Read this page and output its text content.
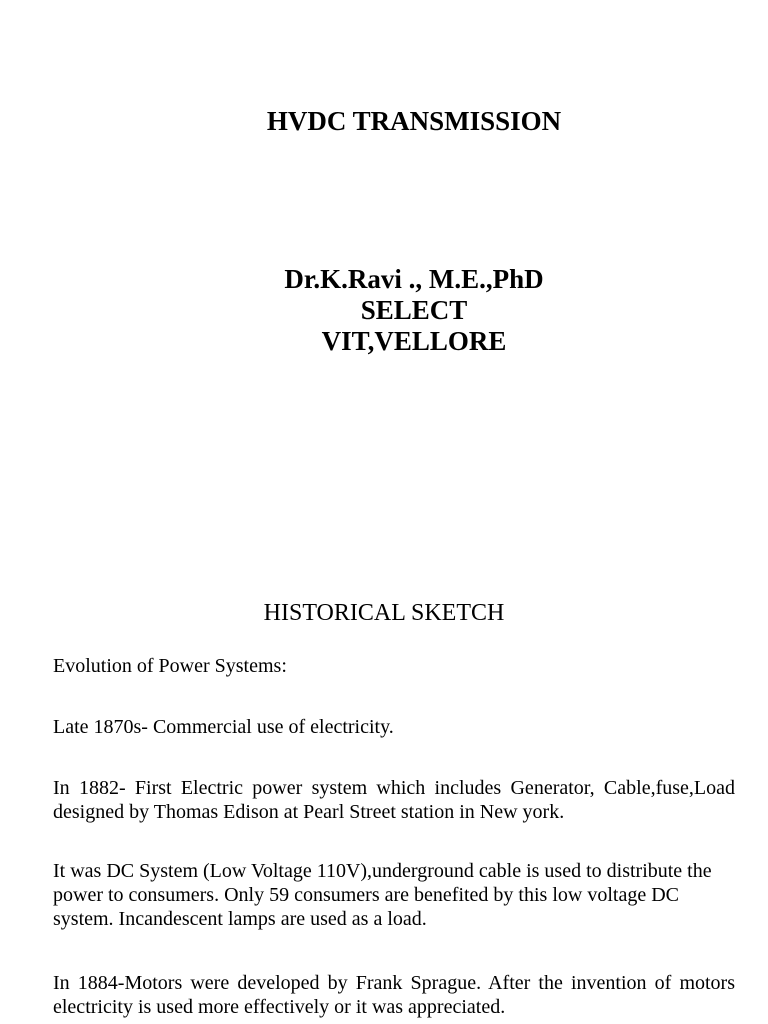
HVDC TRANSMISSION
Dr.K.Ravi ., M.E.,PhD
SELECT
VIT,VELLORE
HISTORICAL SKETCH

Evolution of Power Systems:

Late 1870s- Commercial use of electricity.

In 1882- First Electric power system which includes Generator, Cable,fuse,Load designed by Thomas Edison at Pearl Street station in New york.

It was DC System (Low Voltage 110V),underground cable is used to distribute the power to consumers. Only 59 consumers are benefited by this low voltage DC system. Incandescent lamps are used as a load.

In 1884-Motors were developed by Frank Sprague. After the invention of motors electricity is used more effectively or it was appreciated.
